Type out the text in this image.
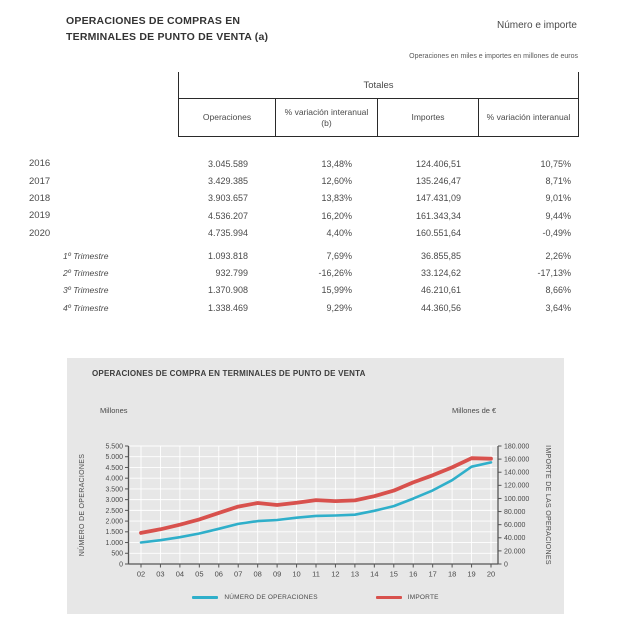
OPERACIONES DE COMPRAS EN
TERMINALES DE PUNTO DE VENTA (a)
Número e importe
Operaciones en miles e importes en millones de euros
Totales
Operaciones
% variación interanual (b)
Importes	% variación interanual
2016	3.045.589	13,48%	124.406,51	10,75%
2017	3.429.385	12,60%	135.246,47	8,71%
2018	3.903.657	13,83%	147.431,09	9,01%
2019	4.536.207	16,20%	161.343,34	9,44%
2020	4.735.994	4,40%	160.551,64	-0,49%
1º Trimestre	1.093.818	7,69%	36.855,85	2,26%
2º Trimestre	932.799	-16,26%	33.124,62	-17,13%
3º Trimestre	1.370.908	15,99%	46.210,61	8,66%
4º Trimestre	1.338.469	9,29%	44.360,56	3,64%
OPERACIONES DE COMPRA EN TERMINALES DE PUNTO DE VENTA
Millones	Millones de €
0
500
1.000
1.500
2.000
2.500
3.000
3.500
4.000
4.500
5.000
5.500
0
20.000
40.000
60.000
80.000
100.000
120.000
140.000
160.000
180.000
02 03 04 05 06 07 08 09 10 11 12 13 14 15 16 17 18 19 20
NÚMERO DE OPERACIONES	IMPORTE DE LAS OPERACIONES
NÚMERO DE OPERACIONES	IMPORTE
